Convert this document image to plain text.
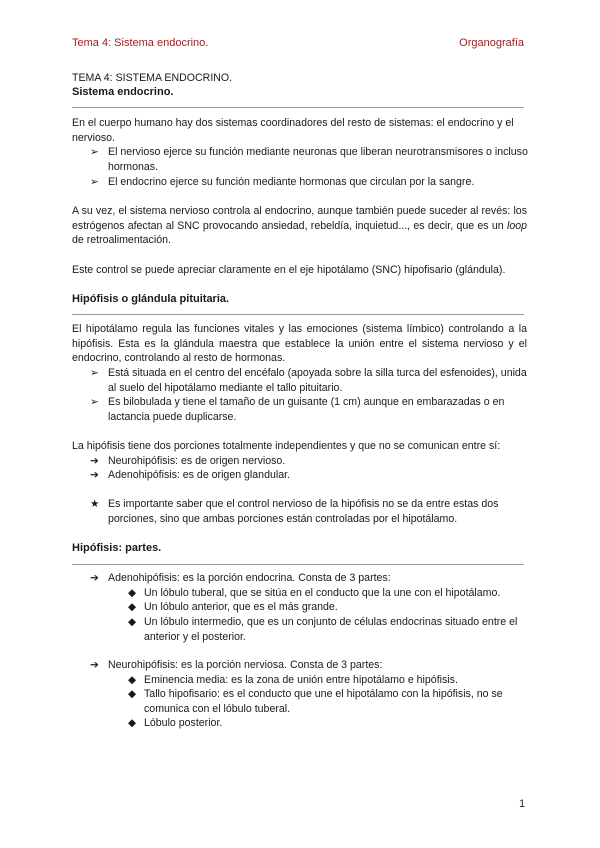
Tema 4: Sistema endocrino.	Organografía
TEMA 4: SISTEMA ENDOCRINO.
Sistema endocrino.
En el cuerpo humano hay dos sistemas coordinadores del resto de sistemas: el endocrino y el nervioso.
➢ El nervioso ejerce su función mediante neuronas que liberan neurotransmisores o incluso hormonas.
➢ El endocrino ejerce su función mediante hormonas que circulan por la sangre.
A su vez, el sistema nervioso controla al endocrino, aunque también puede suceder al revés: los estrógenos afectan al SNC provocando ansiedad, rebeldía, inquietud..., es decir, que es un loop de retroalimentación.
Este control se puede apreciar claramente en el eje hipotálamo (SNC) hipofisario (glándula).
Hipófisis o glándula pituitaria.
El hipotálamo regula las funciones vitales y las emociones (sistema límbico) controlando a la hipófisis. Esta es la glándula maestra que establece la unión entre el sistema nervioso y el endocrino, controlando al resto de hormonas.
➢ Está situada en el centro del encéfalo (apoyada sobre la silla turca del esfenoides), unida al suelo del hipotálamo mediante el tallo pituitario.
➢ Es bilobulada y tiene el tamaño de un guisante (1 cm) aunque en embarazadas o en lactancia puede duplicarse.
La hipófisis tiene dos porciones totalmente independientes y que no se comunican entre sí:
➔ Neurohipófisis: es de origen nervioso.
➔ Adenohipófisis: es de origen glandular.
★ Es importante saber que el control nervioso de la hipófisis no se da entre estas dos porciones, sino que ambas porciones están controladas por el hipotálamo.
Hipófisis: partes.
➔ Adenohipófisis: es la porción endocrina. Consta de 3 partes:
◆ Un lóbulo tuberal, que se sitúa en el conducto que la une con el hipotálamo.
◆ Un lóbulo anterior, que es el más grande.
◆ Un lóbulo intermedio, que es un conjunto de células endocrinas situado entre el anterior y el posterior.
➔ Neurohipófisis: es la porción nerviosa. Consta de 3 partes:
◆ Eminencia media: es la zona de unión entre hipotálamo e hipófisis.
◆ Tallo hipofisario: es el conducto que une el hipotálamo con la hipófisis, no se comunica con el lóbulo tuberal.
◆ Lóbulo posterior.
1
